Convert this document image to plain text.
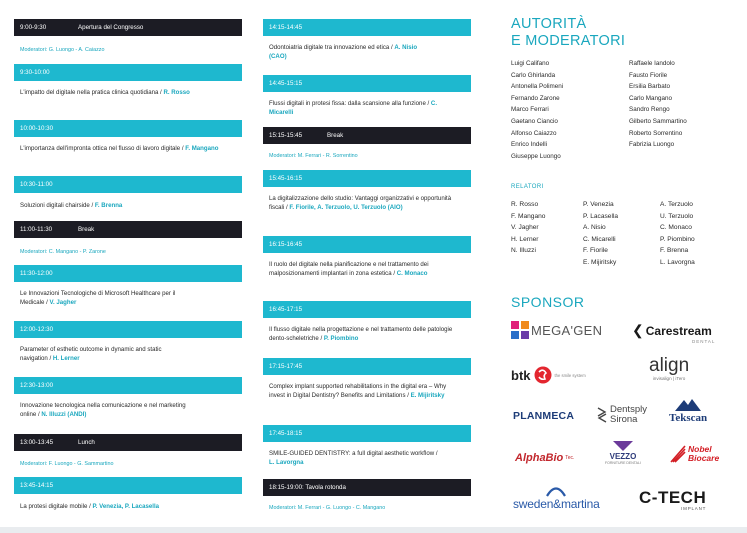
9:00-9:30	Apertura del Congresso
Moderatori: G. Luongo - A. Caiazzo
9:30-10:00
L'impatto del digitale nella pratica clinica quotidiana / R. Rosso
10:00-10:30
L'importanza dell'impronta ottica nel flusso di lavoro digitale / F. Mangano
10:30-11:00
Soluzioni digitali chairside / F. Brenna
11:00-11:30	Break
Moderatori: C. Mangano - P. Zarone
11:30-12:00
Le Innovazioni Tecnologiche di Microsoft Healthcare per il Medicale / V. Jagher
12:00-12:30
Parameter of esthetic outcome in dynamic and static navigation / H. Lerner
12:30-13:00
Innovazione tecnologica nella comunicazione e nel marketing online / N. Illuzzi (ANDI)
13:00-13:45	Lunch
Moderatori: F. Luongo - G. Sammartino
13:45-14:15
La protesi digitale mobile / P. Venezia, P. Lacasella
14:15-14:45
Odontoiatria digitale tra innovazione ed etica / A. Nisio (CAO)
14:45-15:15
Flussi digitali in protesi fissa: dalla scansione alla funzione / C. Micarelli
15:15-15:45	Break
Moderatori: M. Ferrari - R. Sorrentino
15:45-16:15
La digitalizzazione dello studio: Vantaggi organizzativi e opportunità fiscali / F. Fiorile, A. Terzuolo, U. Terzuolo (AIO)
16:15-16:45
Il ruolo del digitale nella pianificazione e nel trattamento dei malposizionamenti implantari in zona estetica / C. Monaco
16:45-17:15
Il flusso digitale nella progettazione e nel trattamento delle patologie dento-scheletriche / P. Piombino
17:15-17:45
Complex implant supported rehabilitations in the digital era – Why invest in Digital Dentistry? Benefits and Limitations / E. Mijiritsky
17:45-18:15
SMILE-GUIDED DENTISTRY: a full digital aesthetic workflow / L. Lavorgna
18:15-19:00: Tavola rotonda
Moderatori: M. Ferrari - G. Luongo - C. Mangano
AUTORITÀ
E MODERATORI
Luigi Califano
Carlo Ghirlanda
Antonella Polimeni
Fernando Zarone
Marco Ferrari
Gaetano Ciancio
Alfonso Caiazzo
Enrico Indelli
Giuseppe Luongo
Raffaele Iandolo
Fausto Fiorile
Ersilia Barbato
Carlo Mangano
Sandro Rengo
Gilberto Sammartino
Roberto Sorrentino
Fabrizia Luongo
RELATORI
R. Rosso
F. Mangano
V. Jagher
H. Lerner
N. Illuzzi
P. Venezia
P. Lacasella
A. Nisio
C. Micarelli
F. Fiorile
E. Mijiritsky
A. Terzuolo
U. Terzuolo
C. Monaco
P. Piombino
F. Brenna
L. Lavorgna
SPONSOR
MEGA'GEN ❮ Carestream
DENTAL
btk	the smile system	align
invisalign | iTero
PLANMECA
Dentsply
Sirona	Tekscan
AlphaBio Tec.	VEZZO
FORNITURE DENTALI
Nobel
Biocare
sweden&martina C-TECH
IMPLANT
